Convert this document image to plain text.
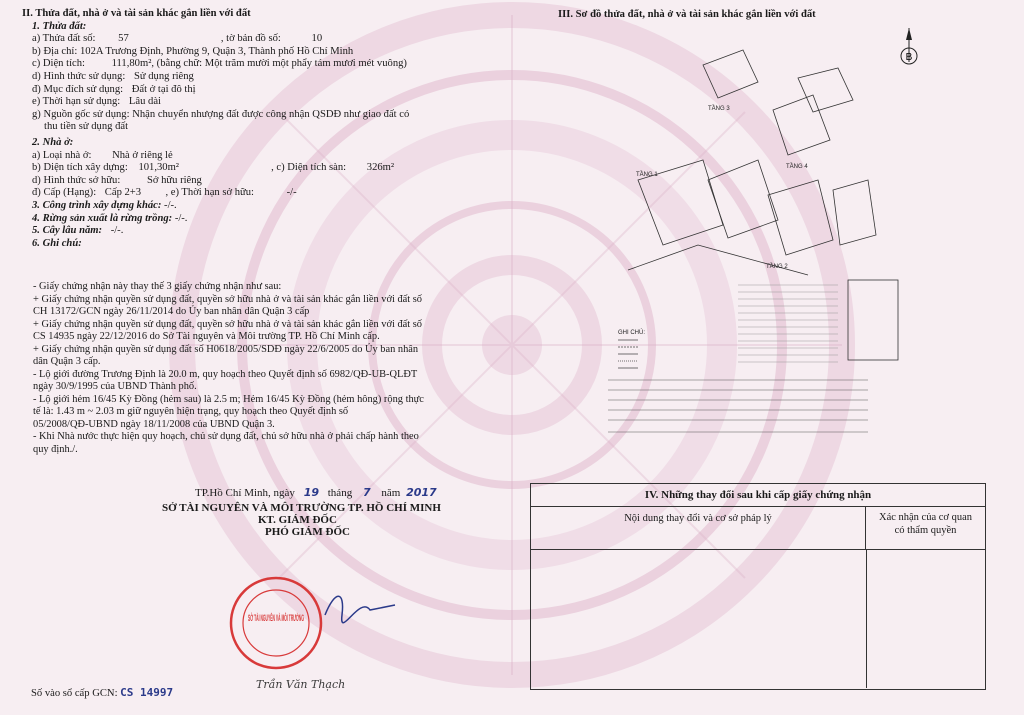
II. Thửa đất, nhà ở và tài sản khác gắn liền với đất
1. Thửa đất:
a) Thửa đất số: 57	, tờ bản đồ số:	10
b) Địa chỉ: 102A Trương Định, Phường 9, Quận 3, Thành phố Hồ Chí Minh
c) Diện tích:	111,80m², (bằng chữ: Một trăm mười một phẩy tám mươi mét vuông)
d) Hình thức sử dụng: Sử dụng riêng
đ) Mục đích sử dụng: Đất ở tại đô thị
e) Thời hạn sử dụng: Lâu dài
g) Nguồn gốc sử dụng: Nhận chuyển nhượng đất được công nhận QSDĐ như giao đất có
thu tiền sử dụng đất
2. Nhà ở:
a) Loại nhà ở: Nhà ở riêng lẻ
b) Diện tích xây dựng: 101,30m²	, c) Diện tích sàn: 326m²
d) Hình thức sở hữu:	Sở hữu riêng
đ) Cấp (Hạng): Cấp 2+3 , e) Thời hạn sở hữu:	-/-
3. Công trình xây dựng khác: -/-.
4. Rừng sản xuất là rừng trồng: -/-.
5. Cây lâu năm: -/-.
6. Ghi chú:
- Giấy chứng nhận này thay thế 3 giấy chứng nhận như sau:
+ Giấy chứng nhận quyền sử dụng đất, quyền sở hữu nhà ở và tài sản khác gắn liền với đất số
CH 13172/GCN ngày 26/11/2014 do Ủy ban nhân dân Quận 3 cấp
+ Giấy chứng nhận quyền sử dụng đất, quyền sở hữu nhà ở và tài sản khác gắn liền với đất số
CS 14935 ngày 22/12/2016 do Sở Tài nguyên và Môi trường TP. Hồ Chí Minh cấp.
+ Giấy chứng nhận quyền sử dụng đất số H0618/2005/SDĐ ngày 22/6/2005 do Ủy ban nhân
dân Quận 3 cấp.
- Lộ giới đường Trương Định là 20.0 m, quy hoạch theo Quyết định số 6982/QĐ-UB-QLĐT
ngày 30/9/1995 của UBND Thành phố.
- Lộ giới hẻm 16/45 Kỳ Đồng (hẻm sau) là 2.5 m; Hẻm 16/45 Kỳ Đồng (hẻm hông) rộng thực
tế là: 1.43 m ~ 2.03 m giữ nguyên hiện trạng, quy hoạch theo Quyết định số
05/2008/QĐ-UBND ngày 18/11/2008 của UBND Quận 3.
- Khi Nhà nước thực hiện quy hoạch, chủ sử dụng đất, chủ sở hữu nhà ở phải chấp hành theo
quy định./.
III. Sơ đồ thửa đất, nhà ở và tài sản khác gắn liền với đất
B
TẦNG 1
TẦNG 2
TẦNG 3
TẦNG 4
GHI CHÚ:
TP.Hồ Chí Minh, ngày 19 tháng 7 năm 2017
SỞ TÀI NGUYÊN VÀ MÔI TRƯỜNG TP. HỒ CHÍ MINH
KT. GIÁM ĐỐC
PHÓ GIÁM ĐỐC
SỞ TÀI NGUYÊN VÀ MÔI TRƯỜNG
Trần Văn Thạch
Số vào sổ cấp GCN: CS 14997
IV. Những thay đổi sau khi cấp giấy chứng nhận
Nội dung thay đổi và cơ sở pháp lý	Xác nhận của cơ quan
có thẩm quyền
